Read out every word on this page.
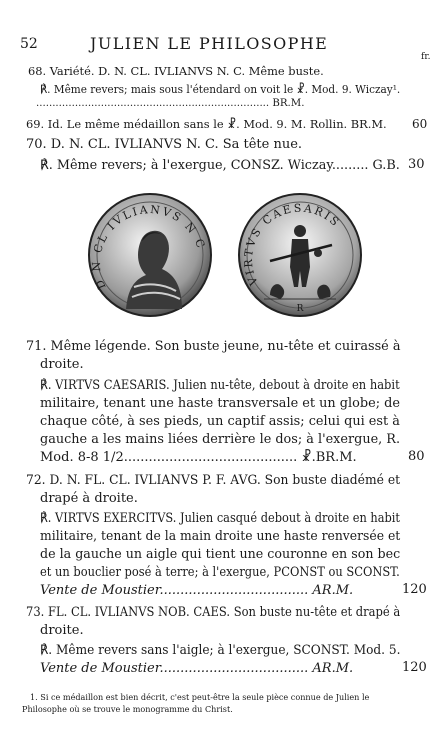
52	JULIEN LE PHILOSOPHE
fr.
68. Variété. D. N. CL. IVLIANVS N. C. Même buste.
℟. Même revers; mais sous l'étendard on voit le ☧. Mod. 9. Wiczay¹.
........................................................................ BR.M.
69. Id. Le même médaillon sans le ☧. Mod. 9. M. Rollin. BR.M. 60
70. D. N. CL. IVLIANVS N. C. Sa tête nue.
℟. Même revers; à l'exergue, CONSZ. Wiczay......... G.B. 30
D N CL IVLIANVS N C
VIRTVS CAESARIS
R
71. Même légende. Son buste jeune, nu-tête et cuirassé à
droite.
℟. VIRTVS CAESARIS. Julien nu-tête, debout à droite en habit
militaire, tenant une haste transversale et un globe; de
chaque côté, à ses pieds, un captif assis; celui qui est à
gauche a les mains liées derrière le dos; à l'exergue, R.
Mod. 8-8 1/2.......................................... ☧.BR.M.	80
72. D. N. FL. CL. IVLIANVS P. F. AVG. Son buste diadémé et
drapé à droite.
℟. VIRTVS EXERCITVS. Julien casqué debout à droite en habit
militaire, tenant de la main droite une haste renversée et
de la gauche un aigle qui tient une couronne en son bec
et un bouclier posé à terre; à l'exergue, PCONST ou SCONST.
Vente de Moustier.................................... AR.M.	120
73. FL. CL. IVLIANVS NOB. CAES. Son buste nu-tête et drapé à
droite.
℟. Même revers sans l'aigle; à l'exergue, SCONST. Mod. 5.
Vente de Moustier.................................... AR.M.	120
1. Si ce médaillon est bien décrit, c'est peut-être la seule pièce connue de Julien le
Philosophe où se trouve le monogramme du Christ.
